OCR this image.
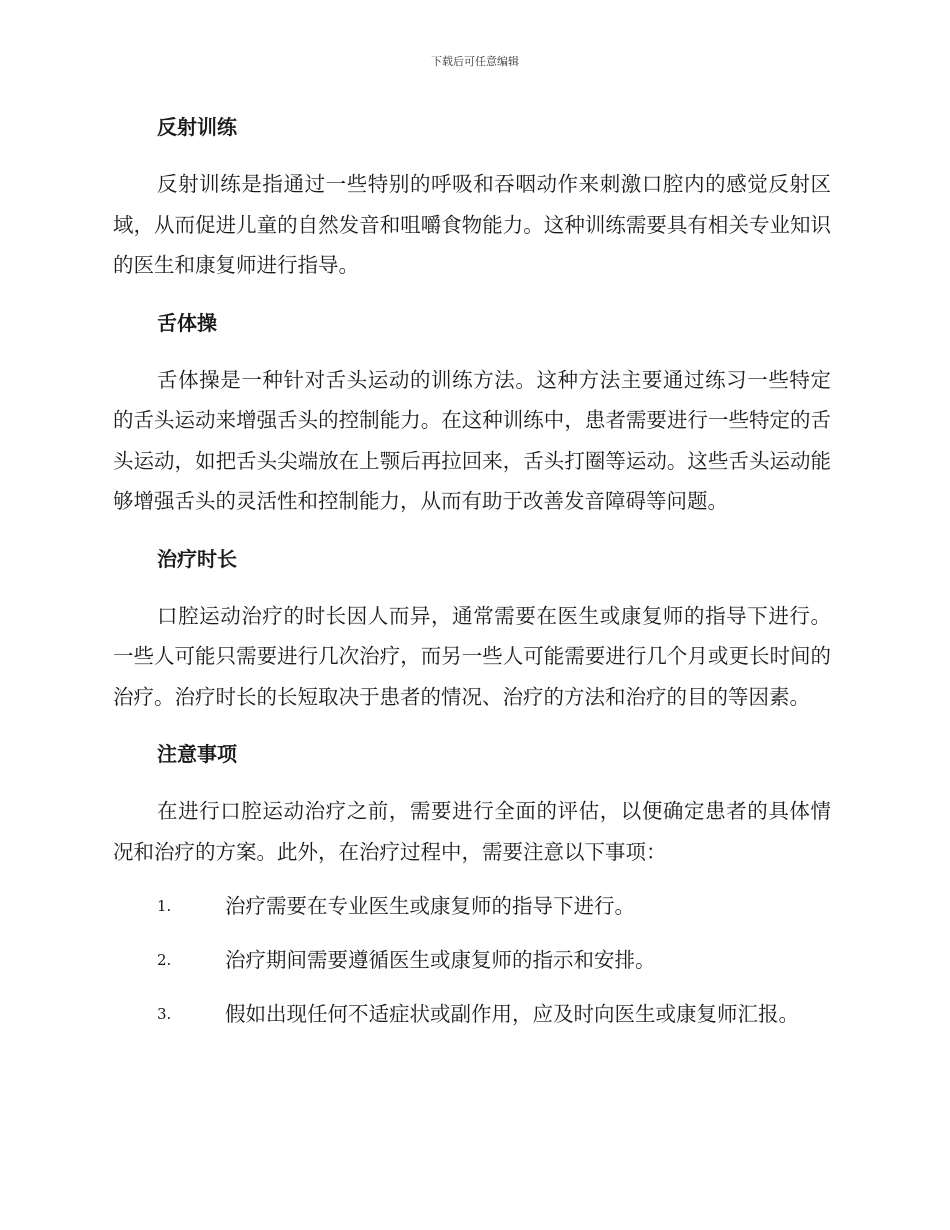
下载后可任意编辑

反射训练

反射训练是指通过一些特别的呼吸和吞咽动作来刺激口腔内的感觉反射区域，从而促进儿童的自然发音和咀嚼食物能力。这种训练需要具有相关专业知识的医生和康复师进行指导。

舌体操

舌体操是一种针对舌头运动的训练方法。这种方法主要通过练习一些特定的舌头运动来增强舌头的控制能力。在这种训练中，患者需要进行一些特定的舌头运动，如把舌头尖端放在上颚后再拉回来，舌头打圈等运动。这些舌头运动能够增强舌头的灵活性和控制能力，从而有助于改善发音障碍等问题。

治疗时长

口腔运动治疗的时长因人而异，通常需要在医生或康复师的指导下进行。一些人可能只需要进行几次治疗，而另一些人可能需要进行几个月或更长时间的治疗。治疗时长的长短取决于患者的情况、治疗的方法和治疗的目的等因素。

注意事项

在进行口腔运动治疗之前，需要进行全面的评估，以便确定患者的具体情况和治疗的方案。此外，在治疗过程中，需要注意以下事项：

1.	治疗需要在专业医生或康复师的指导下进行。
2.	治疗期间需要遵循医生或康复师的指示和安排。
3.	假如出现任何不适症状或副作用，应及时向医生或康复师汇报。
